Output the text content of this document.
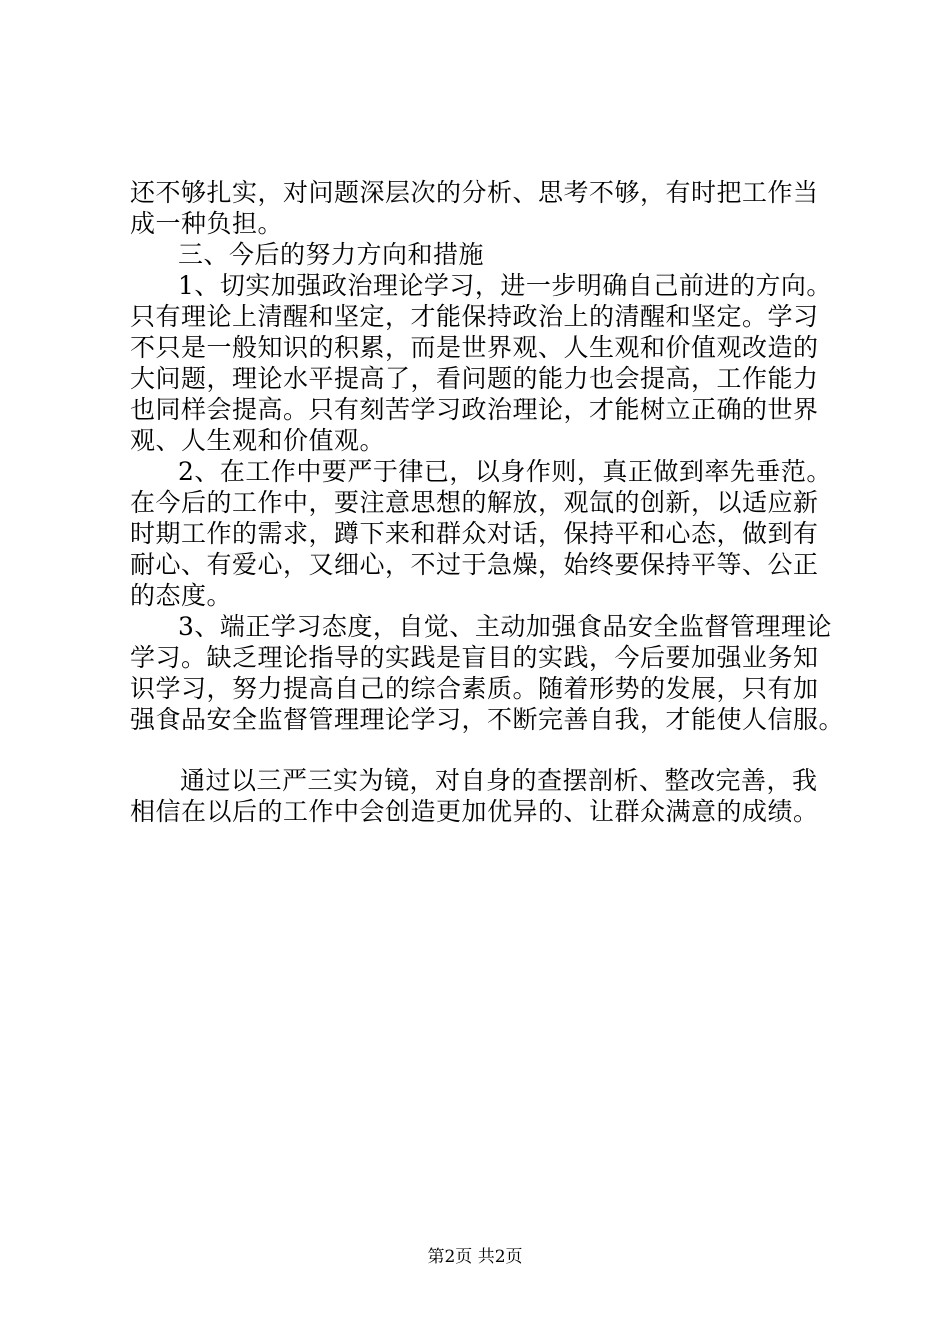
还不够扎实，对问题深层次的分析、思考不够，有时把工作当
成一种负担。
三、今后的努力方向和措施
1、切实加强政治理论学习，进一步明确自己前进的方向。
只有理论上清醒和坚定，才能保持政治上的清醒和坚定。学习
不只是一般知识的积累，而是世界观、人生观和价值观改造的
大问题，理论水平提高了，看问题的能力也会提高，工作能力
也同样会提高。只有刻苦学习政治理论，才能树立正确的世界
观、人生观和价值观。
2、在工作中要严于律已，以身作则，真正做到率先垂范。
在今后的工作中，要注意思想的解放，观氙的创新，以适应新
时期工作的需求，蹲下来和群众对话，保持平和心态，做到有
耐心、有爱心，又细心，不过于急燥，始终要保持平等、公正
的态度。
3、端正学习态度，自觉、主动加强食品安全监督管理理论
学习。缺乏理论指导的实践是盲目的实践，今后要加强业务知
识学习，努力提高自己的综合素质。随着形势的发展，只有加
强食品安全监督管理理论学习，不断完善自我，才能使人信服。
通过以三严三实为镜，对自身的查摆剖析、整改完善，我
相信在以后的工作中会创造更加优异的、让群众满意的成绩。
第2页 共2页
